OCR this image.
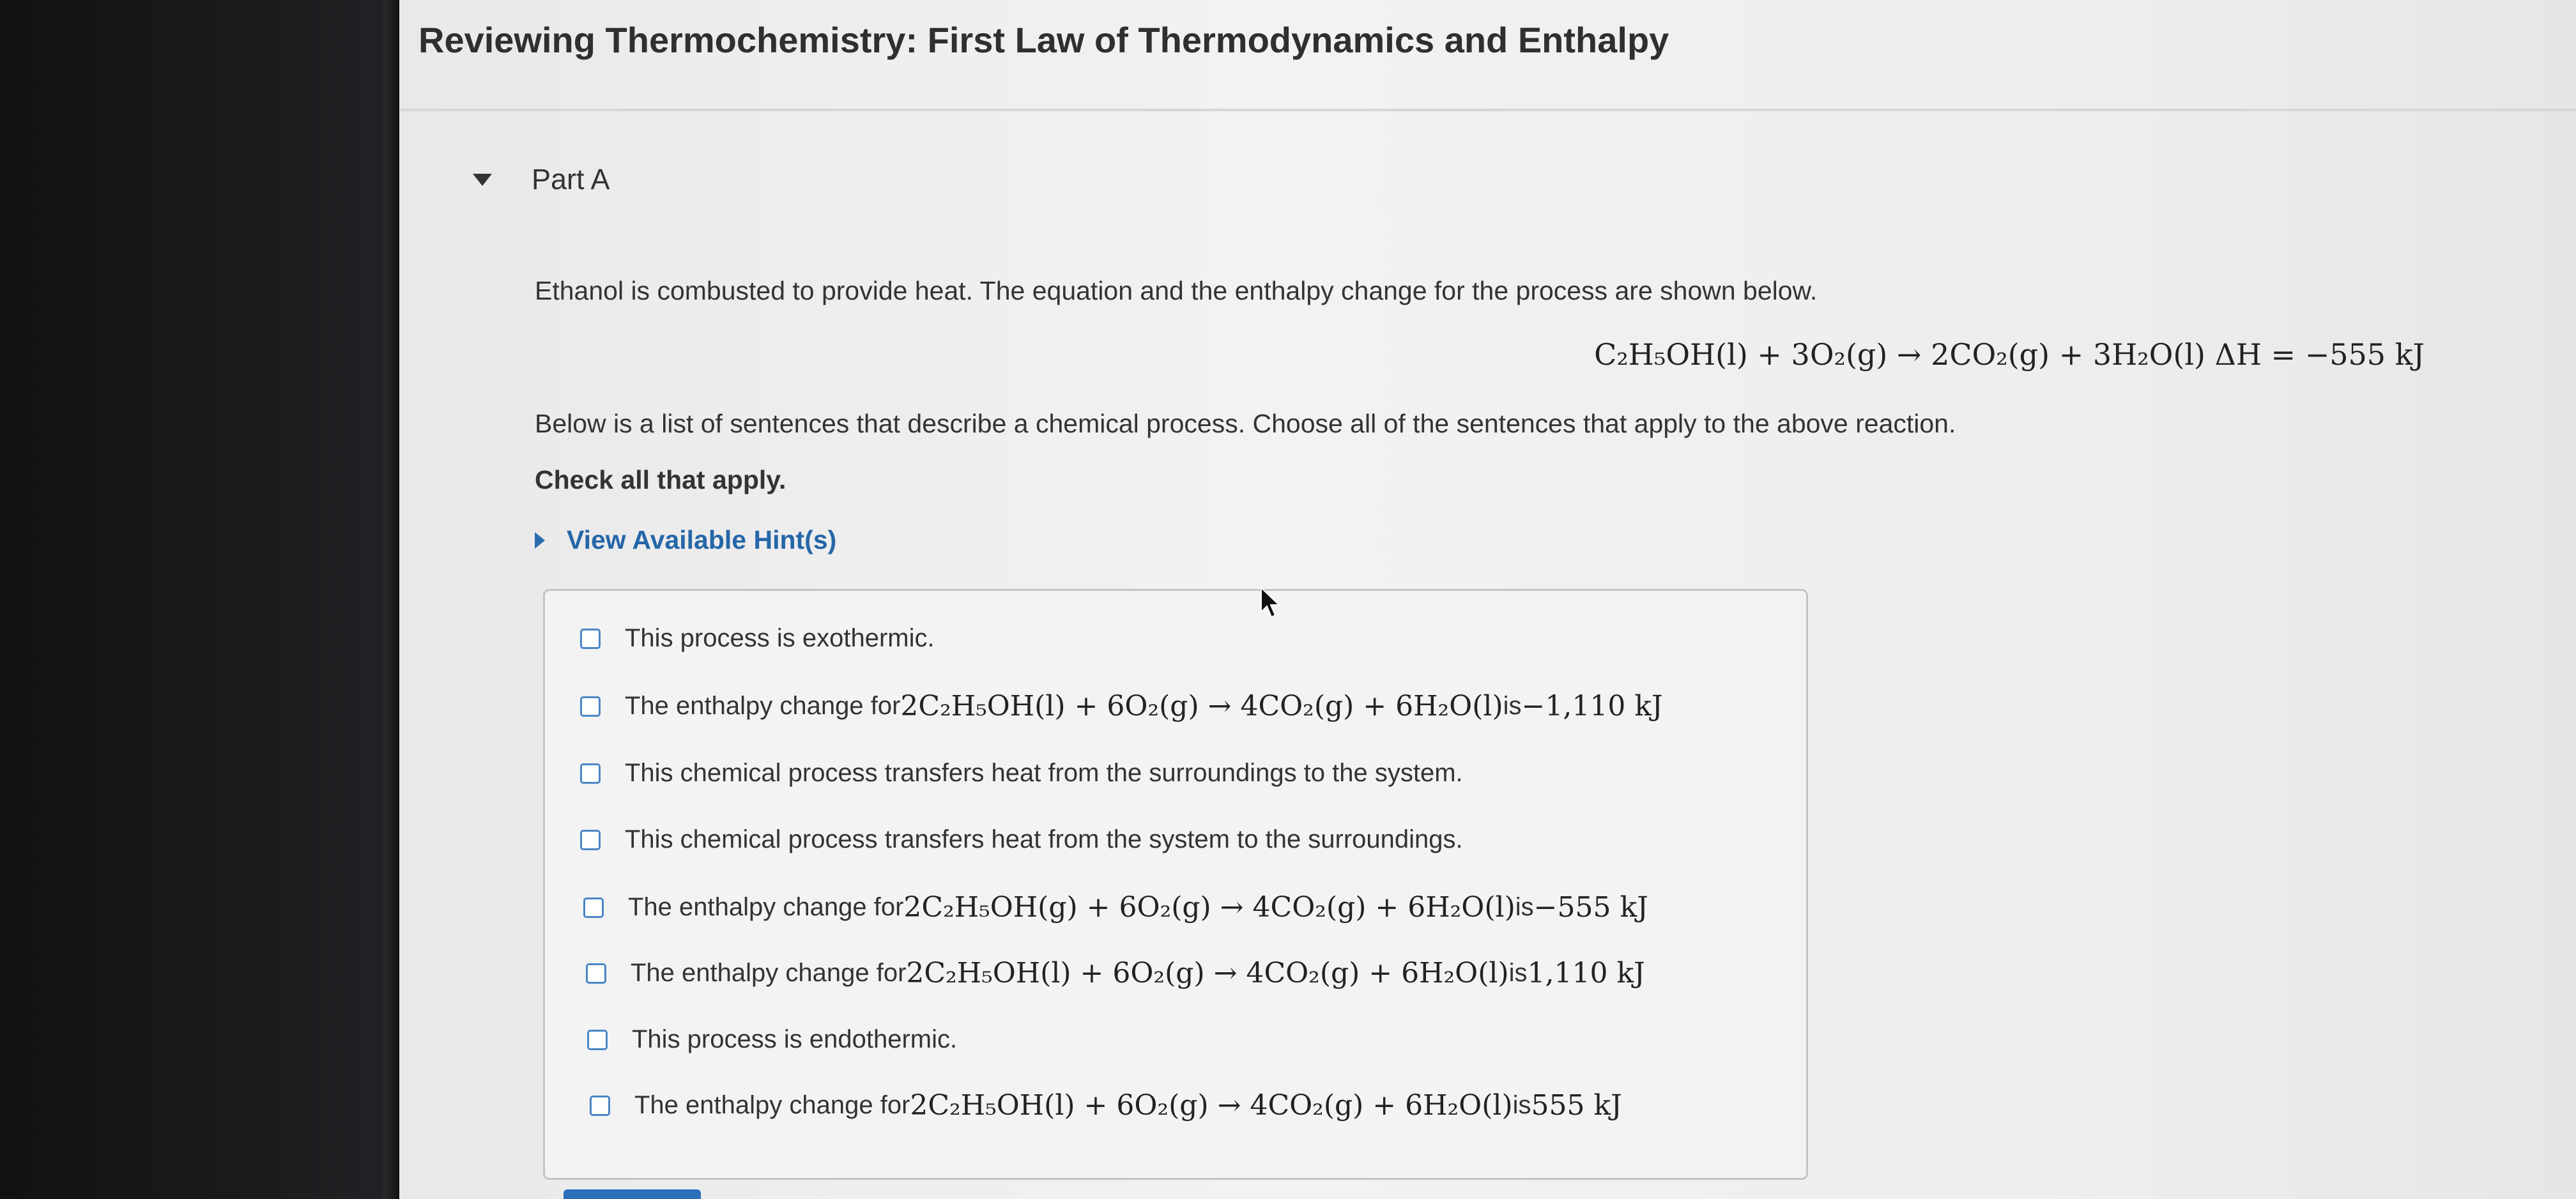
Reviewing Thermochemistry: First Law of Thermodynamics and Enthalpy
Part A
Ethanol is combusted to provide heat. The equation and the enthalpy change for the process are shown below.
C₂H₅OH(l) + 3O₂(g) → 2CO₂(g) + 3H₂O(l) ΔH = −555 kJ
Below is a list of sentences that describe a chemical process. Choose all of the sentences that apply to the above reaction.
Check all that apply.
View Available Hint(s)
This process is exothermic.
The enthalpy change for 2C₂H₅OH(l) + 6O₂(g) → 4CO₂(g) + 6H₂O(l) is −1,110 kJ
This chemical process transfers heat from the surroundings to the system.
This chemical process transfers heat from the system to the surroundings.
The enthalpy change for 2C₂H₅OH(g) + 6O₂(g) → 4CO₂(g) + 6H₂O(l) is −555 kJ
The enthalpy change for 2C₂H₅OH(l) + 6O₂(g) → 4CO₂(g) + 6H₂O(l) is 1,110 kJ
This process is endothermic.
The enthalpy change for 2C₂H₅OH(l) + 6O₂(g) → 4CO₂(g) + 6H₂O(l) is 555 kJ
